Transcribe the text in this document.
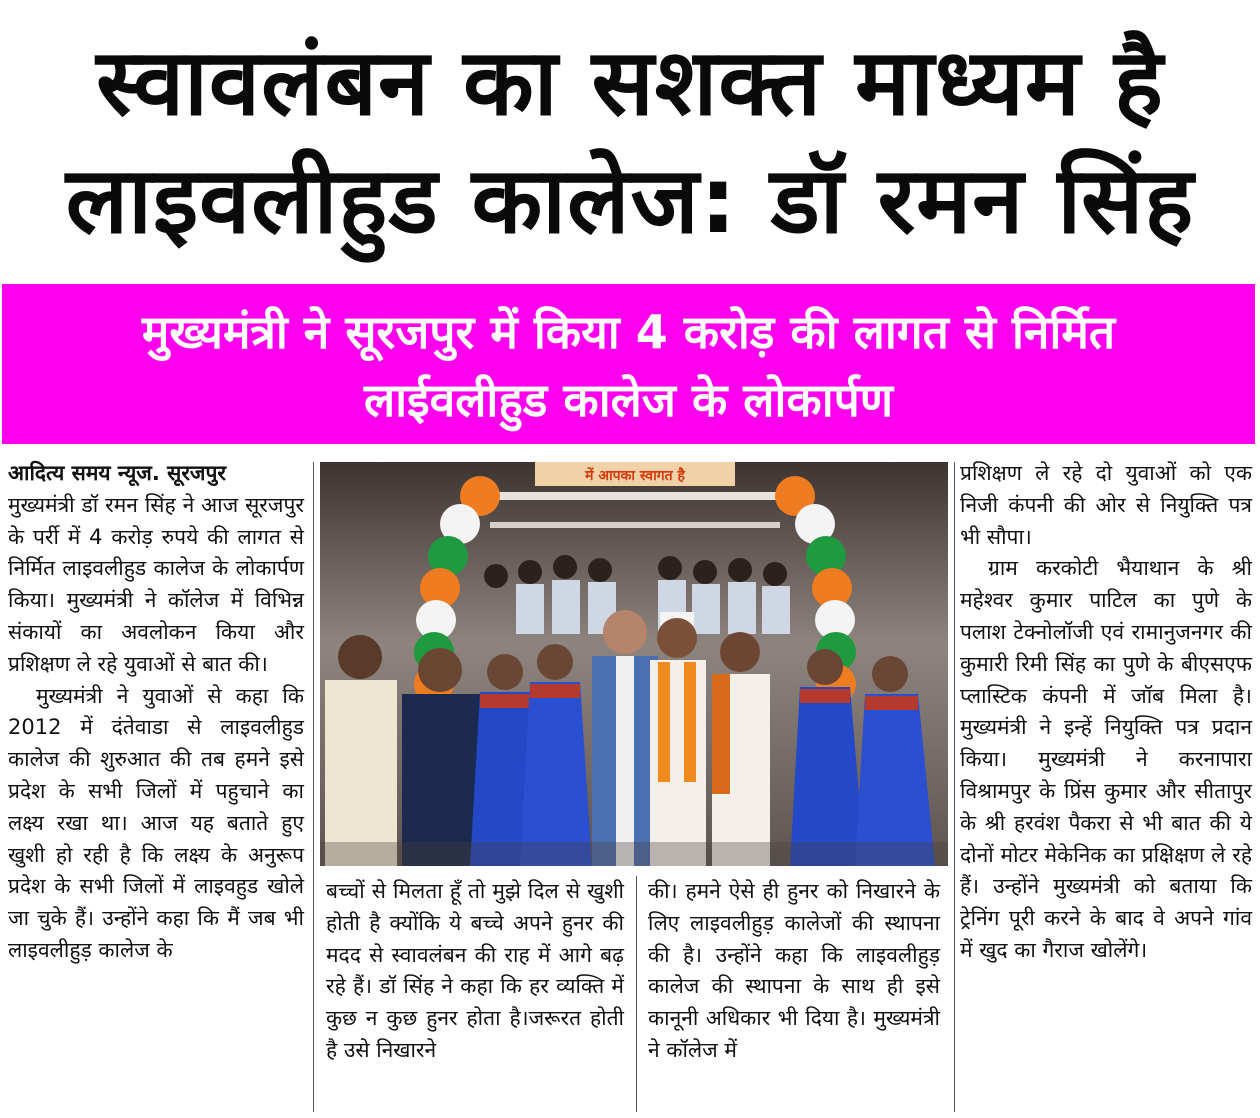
स्वावलंबन का सशक्त माध्यम है
लाइवलीहुड कालेज: डॉ रमन सिंह
मुख्यमंत्री ने सूरजपुर में किया 4 करोड़ की लागत से निर्मित
लाईवलीहुड कालेज के लोकार्पण

आदित्य समय न्यूज. सूरजपुर

मुख्यमंत्री डॉ रमन सिंह ने आज सूरजपुर के पर्री में 4 करोड़ रुपये की लागत से निर्मित लाइवलीहुड कालेज के लोकार्पण किया। मुख्यमंत्री ने कॉलेज में विभिन्न संकायों का अवलोकन किया और प्रशिक्षण ले रहे युवाओं से बात की।

मुख्यमंत्री ने युवाओं से कहा कि 2012 में दंतेवाडा से लाइवलीहुड कालेज की शुरुआत की तब हमने इसे प्रदेश के सभी जिलों में पहुचाने का लक्ष्य रखा था। आज यह बताते हुए खुशी हो रही है कि लक्ष्य के अनुरूप प्रदेश के सभी जिलों में लाइवहुड खोले जा चुके हैं। उन्होंने कहा कि मैं जब भी लाइवलीहुड़ कालेज के

में आपका स्वागत है

बच्चों से मिलता हूँ तो मुझे दिल से खुशी होती है क्योंकि ये बच्चे अपने हुनर की मदद से स्वावलंबन की राह में आगे बढ़ रहे हैं। डॉ सिंह ने कहा कि हर व्यक्ति में कुछ न कुछ हुनर होता है।जरूरत होती है उसे निखारने

की। हमने ऐसे ही हुनर को निखारने के लिए लाइवलीहुड़ कालेजों की स्थापना की है। उन्होंने कहा कि लाइवलीहुड़ कालेज की स्थापना के साथ ही इसे कानूनी अधिकार भी दिया है। मुख्यमंत्री ने कॉलेज में

प्रशिक्षण ले रहे दो युवाओं को एक निजी कंपनी की ओर से नियुक्ति पत्र भी सौपा।

ग्राम करकोटी भैयाथान के श्री महेश्वर कुमार पाटिल का पुणे के पलाश टेक्नोलॉजी एवं रामानुजनगर की कुमारी रिमी सिंह का पुणे के बीएसएफ प्लास्टिक कंपनी में जॉब मिला है। मुख्यमंत्री ने इन्हें नियुक्ति पत्र प्रदान किया। मुख्यमंत्री ने करनापारा विश्रामपुर के प्रिंस कुमार और सीतापुर के श्री हरवंश पैकरा से भी बात की ये दोनों मोटर मेकेनिक का प्रक्षिक्षण ले रहे हैं। उन्होंने मुख्यमंत्री को बताया कि ट्रेनिंग पूरी करने के बाद वे अपने गांव में खुद का गैराज खोलेंगे।
